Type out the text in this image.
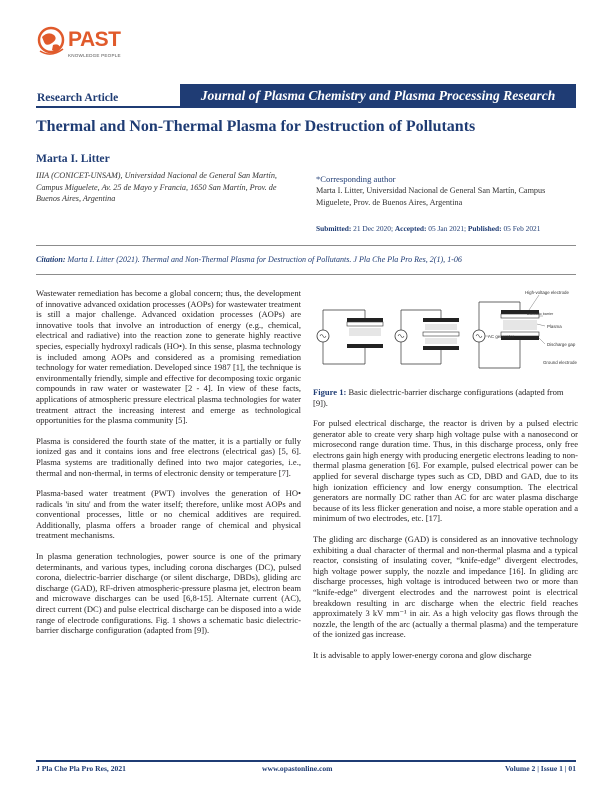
PAST
KNOWLEDGE PEOPLE
Research Article	Journal of Plasma Chemistry and Plasma Processing Research
Thermal and Non-Thermal Plasma for Destruction of Pollutants
Marta I. Litter
IIIA (CONICET-UNSAM), Universidad Nacional de General San Martín, Campus Miguelete, Av. 25 de Mayo y Francia, 1650 San Martín, Prov. de Buenos Aires, Argentina
*Corresponding author
Marta I. Litter, Universidad Nacional de General San Martín, Campus Miguelete, Prov. de Buenos Aires, Argentina
Submitted: 21 Dec 2020; Accepted: 05 Jan 2021; Published: 05 Feb 2021
Citation: Marta I. Litter (2021). Thermal and Non-Thermal Plasma for Destruction of Pollutants. J Pla Che Pla Pro Res, 2(1), 1-06

Wastewater remediation has become a global concern; thus, the development of innovative advanced oxidation processes (AOPs) for wastewater treatment is still a major challenge. Advanced oxidation processes (AOPs) are innovative tools that involve an introduction of energy (e.g., chemical, electrical and radiative) into the reaction zone to generate highly reactive species, especially hydroxyl radicals (HO•). In this sense, plasma technology is included among AOPs and considered as a promising remediation technology for water remediation. Developed since 1987 [1], the technique is environmentally friendly, simple and effective for decomposing toxic organic compounds in raw water or wastewater [2 - 4]. In view of these facts, applications of atmospheric pressure electrical plasma technologies for water treatment attract the increasing interest and emerge as technological opportunities for the plasma community [5].

Plasma is considered the fourth state of the matter, it is a partially or fully ionized gas and it contains ions and free electrons (electrical gas) [5, 6]. Plasma systems are traditionally defined into two major categories, i.e., thermal and non-thermal, in terms of electronic density or temperature [7].

Plasma-based water treatment (PWT) involves the generation of HO• radicals 'in situ' and from the water itself; therefore, unlike most AOPs and conventional processes, little or no chemical additives are required. Additionally, plasma offers a broader range of chemical and physical treatment mechanisms.

In plasma generation technologies, power source is one of the primary determinants, and various types, including corona discharges (DC), pulsed corona, dielectric-barrier discharge (or silent discharge, DBDs), gliding arc discharge (GAD), RF-driven atmospheric-pressure plasma jet, electron beam and microwave discharges can be used [6,8-15]. Alternate current (AC), direct current (DC) and pulse electrical discharge can be disposed into a wide range of electrode configurations. Fig. 1 shows a schematic basic dielectric-barrier discharge configuration (adapted from [9]).

High-voltage electrode
Dielectric barrier
Plasma
AC generator
Discharge gap
Ground electrode
Figure 1: Basic dielectric-barrier discharge configurations (adapted from [9]).

For pulsed electrical discharge, the reactor is driven by a pulsed electric generator able to create very sharp high voltage pulse with a nanosecond or microsecond range duration time. Thus, in this discharge process, only free electrons gain high energy with producing energetic electrons leading to non-thermal plasma generation [6]. For example, pulsed electrical power can be applied for several discharge types such as CD, DBD and GAD, due to its high ionization efficiency and low energy consumption. The electrical generators are normally DC rather than AC for arc water plasma discharge because of its less flicker generation and noise, a more stable operation and a minimum of two electrodes, etc. [17].

The gliding arc discharge (GAD) is considered as an innovative technology exhibiting a dual character of thermal and non-thermal plasma and a typical reactor, consisting of insulating cover, “knife-edge” divergent electrodes, high voltage power supply, the nozzle and impedance [16]. In gliding arc discharge processes, high voltage is introduced between two or more than “knife-edge” divergent electrodes and the narrowest point is electrical breakdown resulting in arc discharge when the electric field reaches approximately 3 kV mm⁻¹ in air. As a high velocity gas flows through the nozzle, the length of the arc (actually a thermal plasma) and the temperature of the ionized gas increase.

It is advisable to apply lower-energy corona and glow discharge

J Pla Che Pla Pro Res, 2021	www.opastonline.com	Volume 2 | Issue 1 | 01
